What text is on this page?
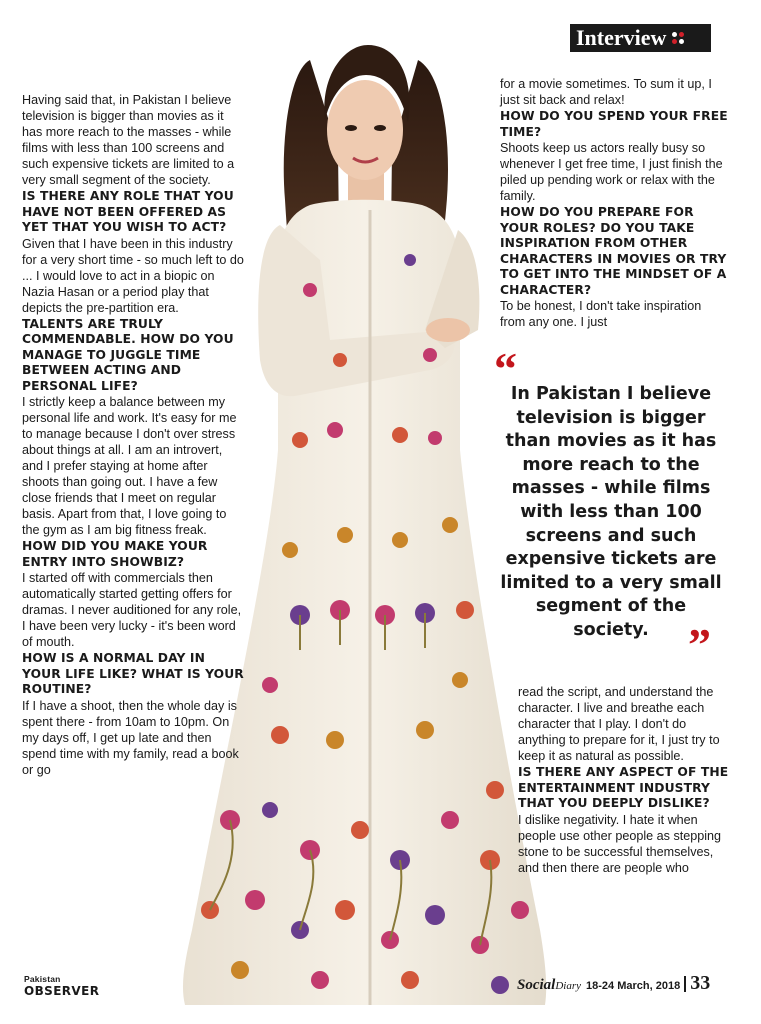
Interview

Having said that, in Pakistan I believe television is bigger than movies as it has more reach to the masses - while films with less than 100 screens and such expensive tickets are limited to a very small segment of the society.

IS THERE ANY ROLE THAT YOU HAVE NOT BEEN OFFERED AS YET THAT YOU WISH TO ACT?

Given that I have been in this industry for a very short time - so much left to do ... I would love to act in a biopic on Nazia Hasan or a period play that depicts the pre-partition era.

TALENTS ARE TRULY COMMENDABLE. HOW DO YOU MANAGE TO JUGGLE TIME BETWEEN ACTING AND PERSONAL LIFE?

I strictly keep a balance between my personal life and work. It's easy for me to manage because I don't over stress about things at all. I am an introvert, and I prefer staying at home after shoots than going out. I have a few close friends that I meet on regular basis. Apart from that, I love going to the gym as I am big fitness freak.

HOW DID YOU MAKE YOUR ENTRY INTO SHOWBIZ?

I started off with commercials then automatically started getting offers for dramas. I never auditioned for any role, I have been very lucky - it's been word of mouth.

HOW IS A NORMAL DAY IN YOUR LIFE LIKE? WHAT IS YOUR ROUTINE?

If I have a shoot, then the whole day is spent there - from 10am to 10pm. On my days off, I get up late and then spend time with my family, read a book or go

for a movie sometimes. To sum it up, I just sit back and relax!

HOW DO YOU SPEND YOUR FREE TIME?

Shoots keep us actors really busy so whenever I get free time, I just finish the piled up pending work or relax with the family.

HOW DO YOU PREPARE FOR YOUR ROLES? DO YOU TAKE INSPIRATION FROM OTHER CHARACTERS IN MOVIES OR TRY TO GET INTO THE MINDSET OF A CHARACTER?

To be honest, I don't take inspiration from any one. I just

“
In Pakistan I believe television is bigger than movies as it has more reach to the masses - while films with less than 100 screens and such expensive tickets are limited to a very small segment of the society. ”

read the script, and understand the character. I live and breathe each character that I play. I don't do anything to prepare for it, I just try to keep it as natural as possible.

IS THERE ANY ASPECT OF THE ENTERTAINMENT INDUSTRY THAT YOU DEEPLY DISLIKE?

I dislike negativity. I hate it when people use other people as stepping stone to be successful themselves, and then there are people who

Pakistan
OBSERVER	Social Diary 18-24 March, 2018 33
